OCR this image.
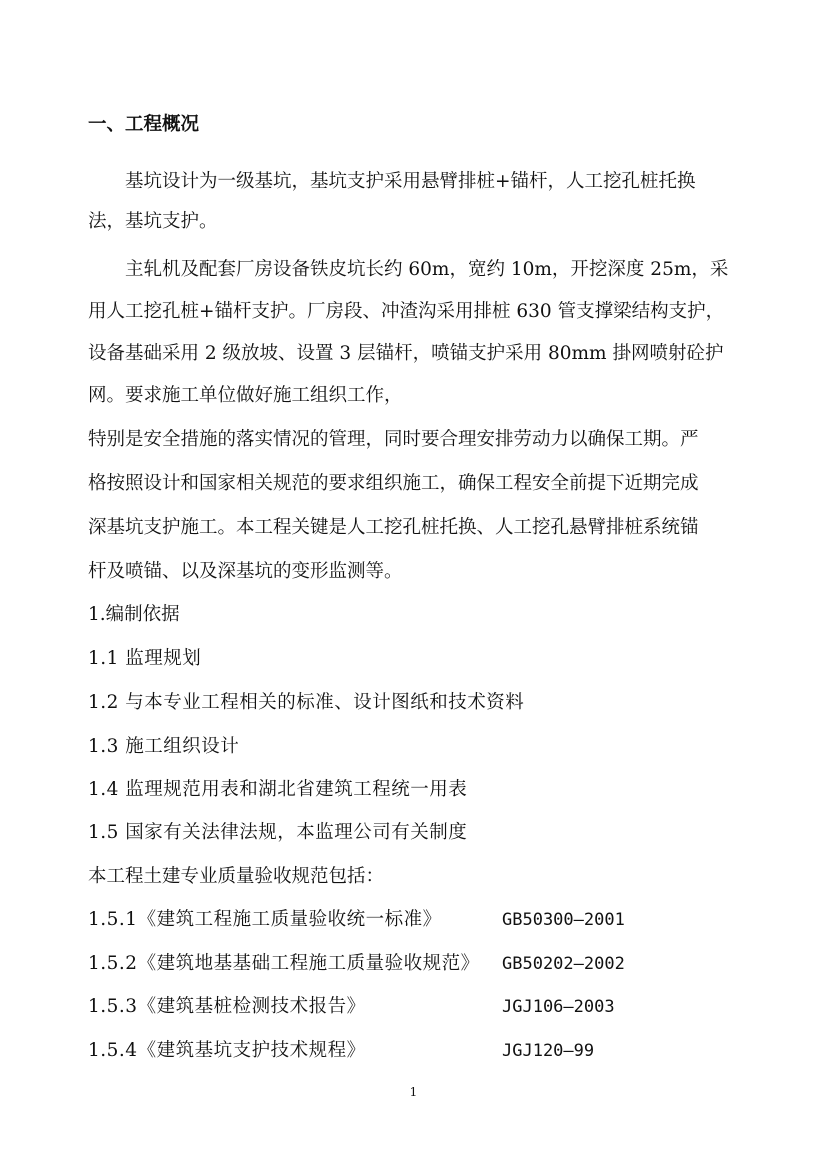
一、工程概况
基坑设计为一级基坑，基坑支护采用悬臂排桩+锚杆，人工挖孔桩托换
法，基坑支护。
主轧机及配套厂房设备铁皮坑长约 60m，宽约 10m，开挖深度 25m，采
用人工挖孔桩+锚杆支护。厂房段、冲渣沟采用排桩 630 管支撑梁结构支护，
设备基础采用 2 级放坡、设置 3 层锚杆，喷锚支护采用 80mm 掛网喷射砼护
网。要求施工单位做好施工组织工作，
特别是安全措施的落实情况的管理，同时要合理安排劳动力以确保工期。严
格按照设计和国家相关规范的要求组织施工，确保工程安全前提下近期完成
深基坑支护施工。本工程关键是人工挖孔桩托换、人工挖孔悬臂排桩系统锚
杆及喷锚、以及深基坑的变形监测等。
1.编制依据
1.1 监理规划
1.2 与本专业工程相关的标准、设计图纸和技术资料
1.3 施工组织设计
1.4 监理规范用表和湖北省建筑工程统一用表
1.5 国家有关法律法规，本监理公司有关制度
本工程土建专业质量验收规范包括：
1.5.1《建筑工程施工质量验收统一标准》	GB50300—2001
1.5.2《建筑地基基础工程施工质量验收规范》 GB50202—2002
1.5.3《建筑基桩检测技术报告》	JGJ106—2003
1.5.4《建筑基坑支护技术规程》	JGJ120—99
1
